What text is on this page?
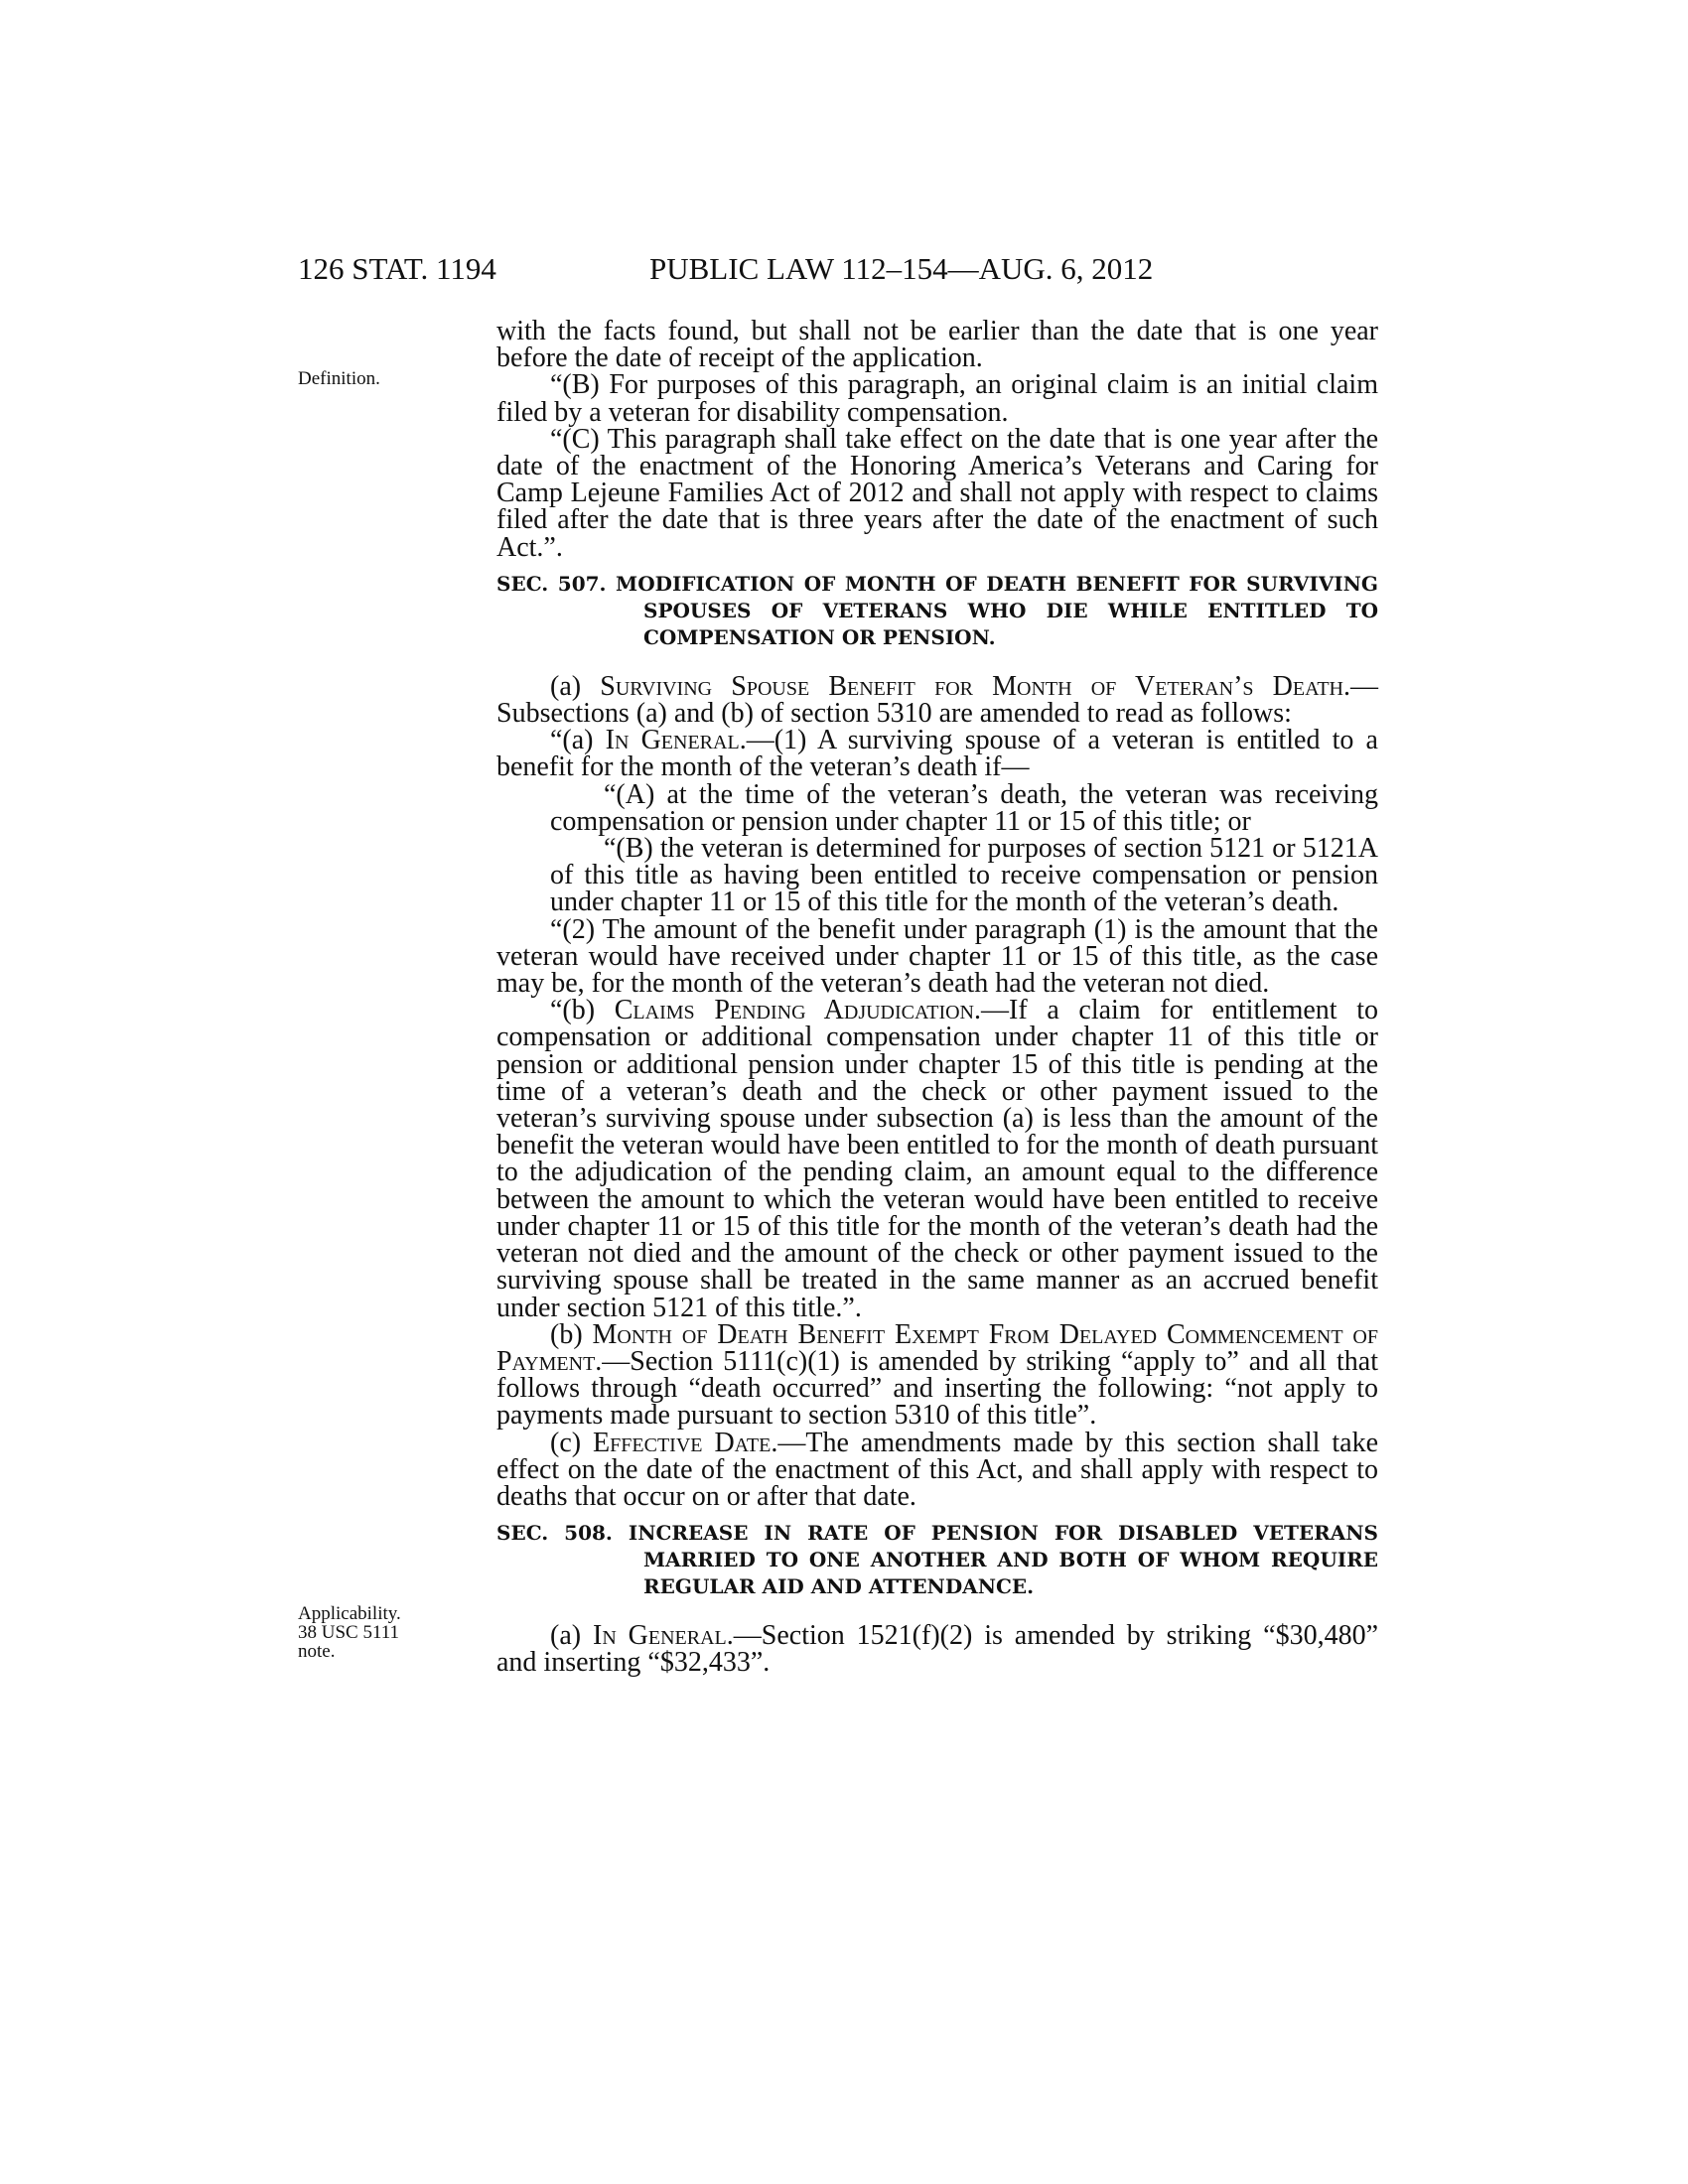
126 STAT. 1194	PUBLIC LAW 112–154—AUG. 6, 2012
Definition.
Applicability.
38 USC 5111
note.

with the facts found, but shall not be earlier than the date that is one year before the date of receipt of the application.

“(B) For purposes of this paragraph, an original claim is an initial claim filed by a veteran for disability compensation.

“(C) This paragraph shall take effect on the date that is one year after the date of the enactment of the Honoring America’s Veterans and Caring for Camp Lejeune Families Act of 2012 and shall not apply with respect to claims filed after the date that is three years after the date of the enactment of such Act.”.

SEC. 507. MODIFICATION OF MONTH OF DEATH BENEFIT FOR SURVIVING SPOUSES OF VETERANS WHO DIE WHILE ENTITLED TO COMPENSATION OR PENSION.

(a) Surviving Spouse Benefit for Month of Veteran’s Death.—Subsections (a) and (b) of section 5310 are amended to read as follows:

“(a) In General.—(1) A surviving spouse of a veteran is entitled to a benefit for the month of the veteran’s death if—

“(A) at the time of the veteran’s death, the veteran was receiving compensation or pension under chapter 11 or 15 of this title; or

“(B) the veteran is determined for purposes of section 5121 or 5121A of this title as having been entitled to receive compensation or pension under chapter 11 or 15 of this title for the month of the veteran’s death.

“(2) The amount of the benefit under paragraph (1) is the amount that the veteran would have received under chapter 11 or 15 of this title, as the case may be, for the month of the veteran’s death had the veteran not died.

“(b) Claims Pending Adjudication.—If a claim for entitlement to compensation or additional compensation under chapter 11 of this title or pension or additional pension under chapter 15 of this title is pending at the time of a veteran’s death and the check or other payment issued to the veteran’s surviving spouse under subsection (a) is less than the amount of the benefit the veteran would have been entitled to for the month of death pursuant to the adjudication of the pending claim, an amount equal to the difference between the amount to which the veteran would have been entitled to receive under chapter 11 or 15 of this title for the month of the veteran’s death had the veteran not died and the amount of the check or other payment issued to the surviving spouse shall be treated in the same manner as an accrued benefit under section 5121 of this title.”.

(b) Month of Death Benefit Exempt From Delayed Commencement of Payment.—Section 5111(c)(1) is amended by striking “apply to” and all that follows through “death occurred” and inserting the following: “not apply to payments made pursuant to section 5310 of this title”.

(c) Effective Date.—The amendments made by this section shall take effect on the date of the enactment of this Act, and shall apply with respect to deaths that occur on or after that date.

SEC. 508. INCREASE IN RATE OF PENSION FOR DISABLED VETERANS MARRIED TO ONE ANOTHER AND BOTH OF WHOM REQUIRE REGULAR AID AND ATTENDANCE.

(a) In General.—Section 1521(f)(2) is amended by striking “$30,480” and inserting “$32,433”.
